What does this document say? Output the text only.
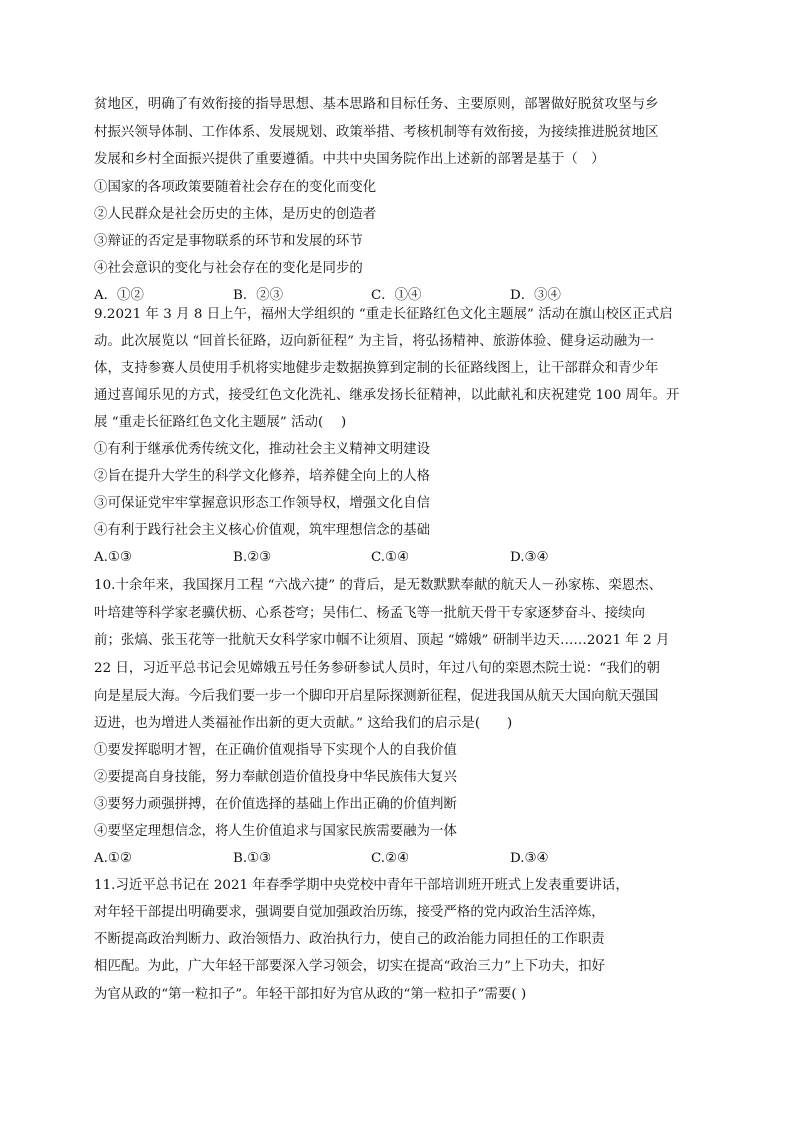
贫地区，明确了有效衔接的指导思想、基本思路和目标任务、主要原则，部署做好脱贫攻坚与乡
村振兴领导体制、工作体系、发展规划、政策举措、考核机制等有效衔接，为接续推进脱贫地区
发展和乡村全面振兴提供了重要遵循。中共中央国务院作出上述新的部署是基于（　）
①国家的各项政策要随着社会存在的变化而变化
②人民群众是社会历史的主体，是历史的创造者
③辩证的否定是事物联系的环节和发展的环节
④社会意识的变化与社会存在的变化是同步的
A．①②	B．②③	C．①④	D．③④
9.2021 年 3 月 8 日上午，福州大学组织的 “重走长征路红色文化主题展” 活动在旗山校区正式启
动。此次展览以 “回首长征路，迈向新征程” 为主旨，将弘扬精神、旅游体验、健身运动融为一
体，支持参赛人员使用手机将实地健步走数据换算到定制的长征路线图上，让干部群众和青少年
通过喜闻乐见的方式，接受红色文化洗礼、继承发扬长征精神，以此献礼和庆祝建党 100 周年。开
展 “重走长征路红色文化主题展” 活动(　 )
①有利于继承优秀传统文化，推动社会主义精神文明建设
②旨在提升大学生的科学文化修养，培养健全向上的人格
③可保证党牢牢掌握意识形态工作领导权，增强文化自信
④有利于践行社会主义核心价值观，筑牢理想信念的基础
A.①③	B.②③	C.①④	D.③④
10.十余年来，我国探月工程 “六战六捷” 的背后，是无数默默奉献的航天人－孙家栋、栾恩杰、
叶培建等科学家老骥伏枥、心系苍穹；吴伟仁、杨孟飞等一批航天骨干专家逐梦奋斗、接续向
前；张熇、张玉花等一批航天女科学家巾帼不让须眉、顶起 “嫦娥” 研制半边天……2021 年 2 月
22 日，习近平总书记会见嫦娥五号任务参研参试人员时，年过八旬的栾恩杰院士说：“我们的朝
向是星辰大海。今后我们要一步一个脚印开启星际探测新征程，促进我国从航天大国向航天强国
迈进，也为增进人类福祉作出新的更大贡献。” 这给我们的启示是(　　)
①要发挥聪明才智，在正确价值观指导下实现个人的自我价值
②要提高自身技能，努力奉献创造价值投身中华民族伟大复兴
③要努力顽强拼搏，在价值选择的基础上作出正确的价值判断
④要坚定理想信念，将人生价值追求与国家民族需要融为一体
A.①②	B.①③	C.②④	D.③④
11.习近平总书记在 2021 年春季学期中央党校中青年干部培训班开班式上发表重要讲话，
对年轻干部提出明确要求，强调要自觉加强政治历练，接受严格的党内政治生活淬炼，
不断提高政治判断力、政治领悟力、政治执行力，使自己的政治能力同担任的工作职责
相匹配。为此，广大年轻干部要深入学习领会，切实在提高“政治三力”上下功夫，扣好
为官从政的“第一粒扣子”。年轻干部扣好为官从政的“第一粒扣子”需要( )
